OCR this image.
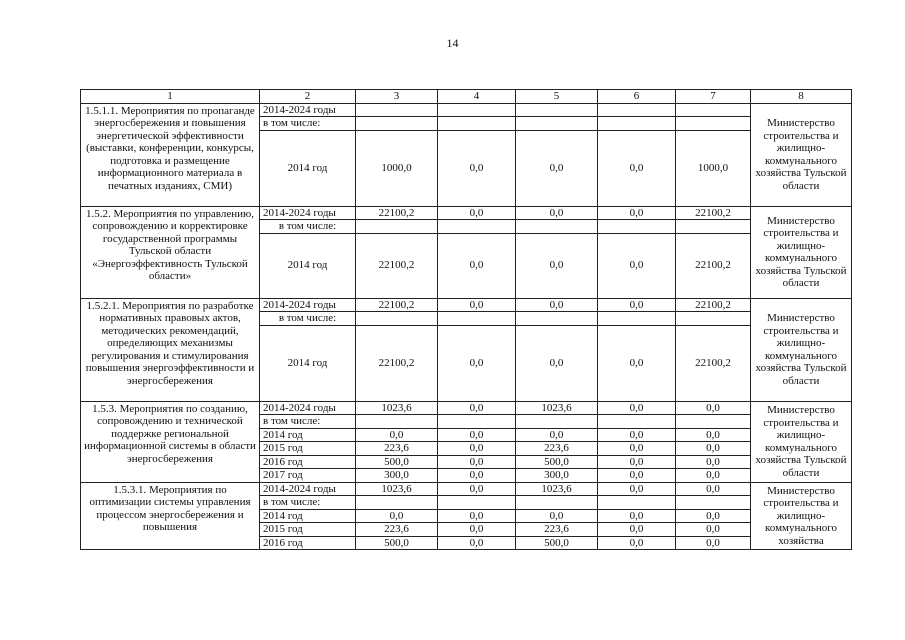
14
1	2	3	4	5	6	7	8
1.5.1.1. Мероприятия по пропаганде энергосбережения и повышения энергетической эффективности (выставки, конференции, конкурсы, подготовка и размещение информационного материала в печатных изданиях, СМИ)	2014-2024 годы						Министерство строительства и жилищно-коммунального хозяйства Тульской области
	в том числе:						
	2014 год	1000,0	0,0	0,0	0,0	1000,0	
1.5.2. Мероприятия по управлению, сопровождению и корректировке государственной программы Тульской области «Энергоэффективность Тульской области»	2014-2024 годы	22100,2	0,0	0,0	0,0	22100,2	Министерство строительства и жилищно-коммунального хозяйства Тульской области
	в том числе:						
	2014 год	22100,2	0,0	0,0	0,0	22100,2	
1.5.2.1. Мероприятия по разработке нормативных правовых актов, методических рекомендаций, определяющих механизмы регулирования и стимулирования повышения энергоэффективности и энергосбережения	2014-2024 годы	22100,2	0,0	0,0	0,0	22100,2	Министерство строительства и жилищно-коммунального хозяйства Тульской области
	в том числе:						
	2014 год	22100,2	0,0	0,0	0,0	22100,2	
1.5.3. Мероприятия по созданию, сопровождению и технической поддержке региональной информационной системы в области энергосбережения	2014-2024 годы	1023,6	0,0	1023,6	0,0	0,0	Министерство строительства и жилищно-коммунального хозяйства Тульской области
	в том числе:						
	2014 год	0,0	0,0	0,0	0,0	0,0	
	2015 год	223,6	0,0	223,6	0,0	0,0	
	2016 год	500,0	0,0	500,0	0,0	0,0	
	2017 год	300,0	0,0	300,0	0,0	0,0	
1.5.3.1. Мероприятия по оптимизации системы управления процессом энергосбережения и повышения	2014-2024 годы	1023,6	0,0	1023,6	0,0	0,0	Министерство строительства и жилищно-коммунального хозяйства
	в том числе:						
	2014 год	0,0	0,0	0,0	0,0	0,0	
	2015 год	223,6	0,0	223,6	0,0	0,0	
	2016 год	500,0	0,0	500,0	0,0	0,0	
